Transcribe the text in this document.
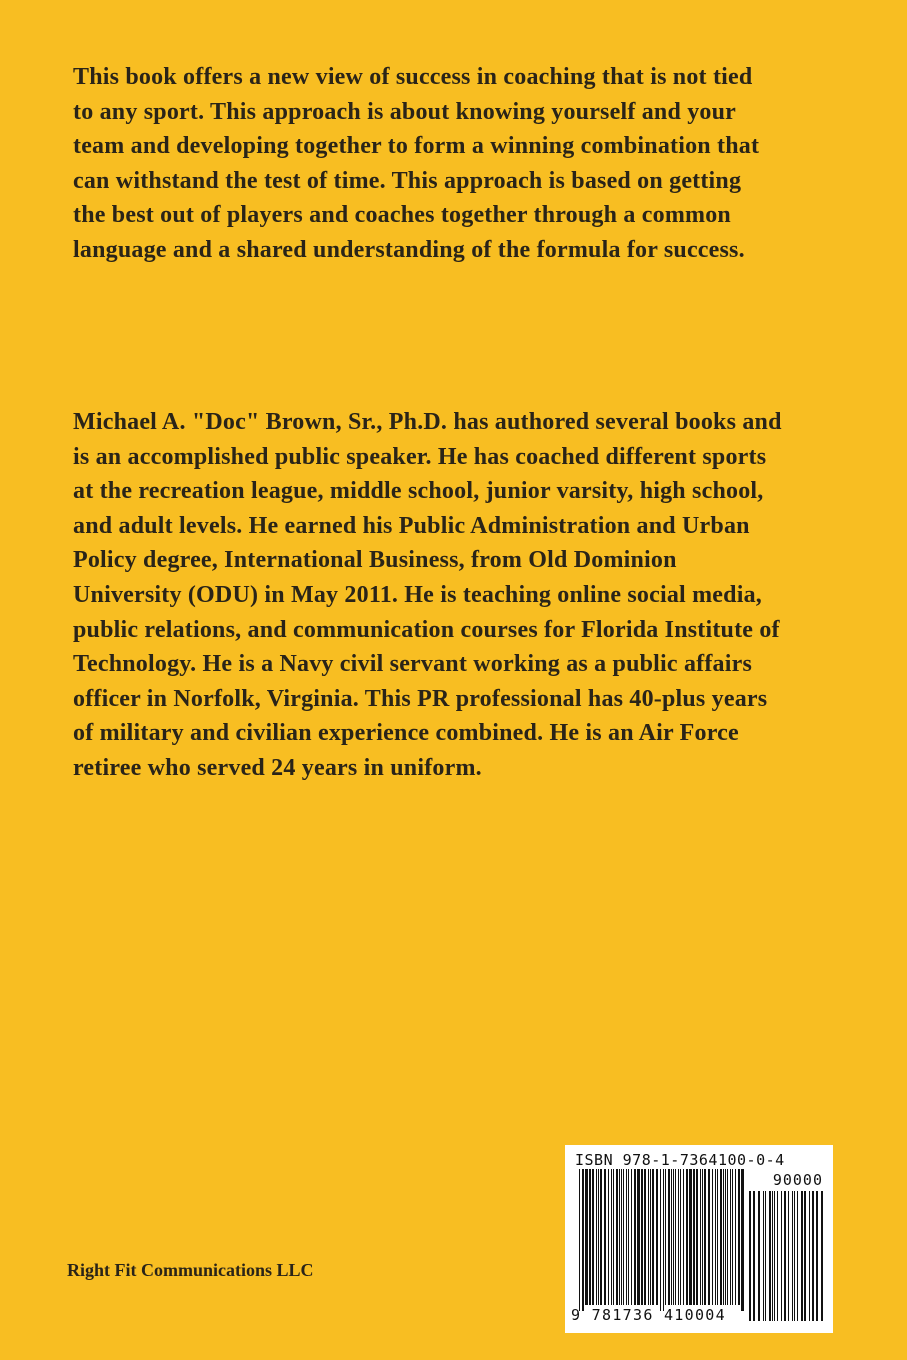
This book offers a new view of success in coaching that is not tied
to any sport. This approach is about knowing yourself and your
team and developing together to form a winning combination that
can withstand the test of time. This approach is based on getting
the best out of players and coaches together through a common
language and a shared understanding of the formula for success.
Michael A. "Doc" Brown, Sr., Ph.D. has authored several books and
is an accomplished public speaker. He has coached different sports
at the recreation league, middle school, junior varsity, high school,
and adult levels. He earned his Public Administration and Urban
Policy degree, International Business, from Old Dominion
University (ODU) in May 2011. He is teaching online social media,
public relations, and communication courses for Florida Institute of
Technology. He is a Navy civil servant working as a public affairs
officer in Norfolk, Virginia. This PR professional has 40-plus years
of military and civilian experience combined. He is an Air Force
retiree who served 24 years in uniform.
Right Fit Communications LLC
ISBN 978-1-7364100-0-4
90000
9 781736 410004
